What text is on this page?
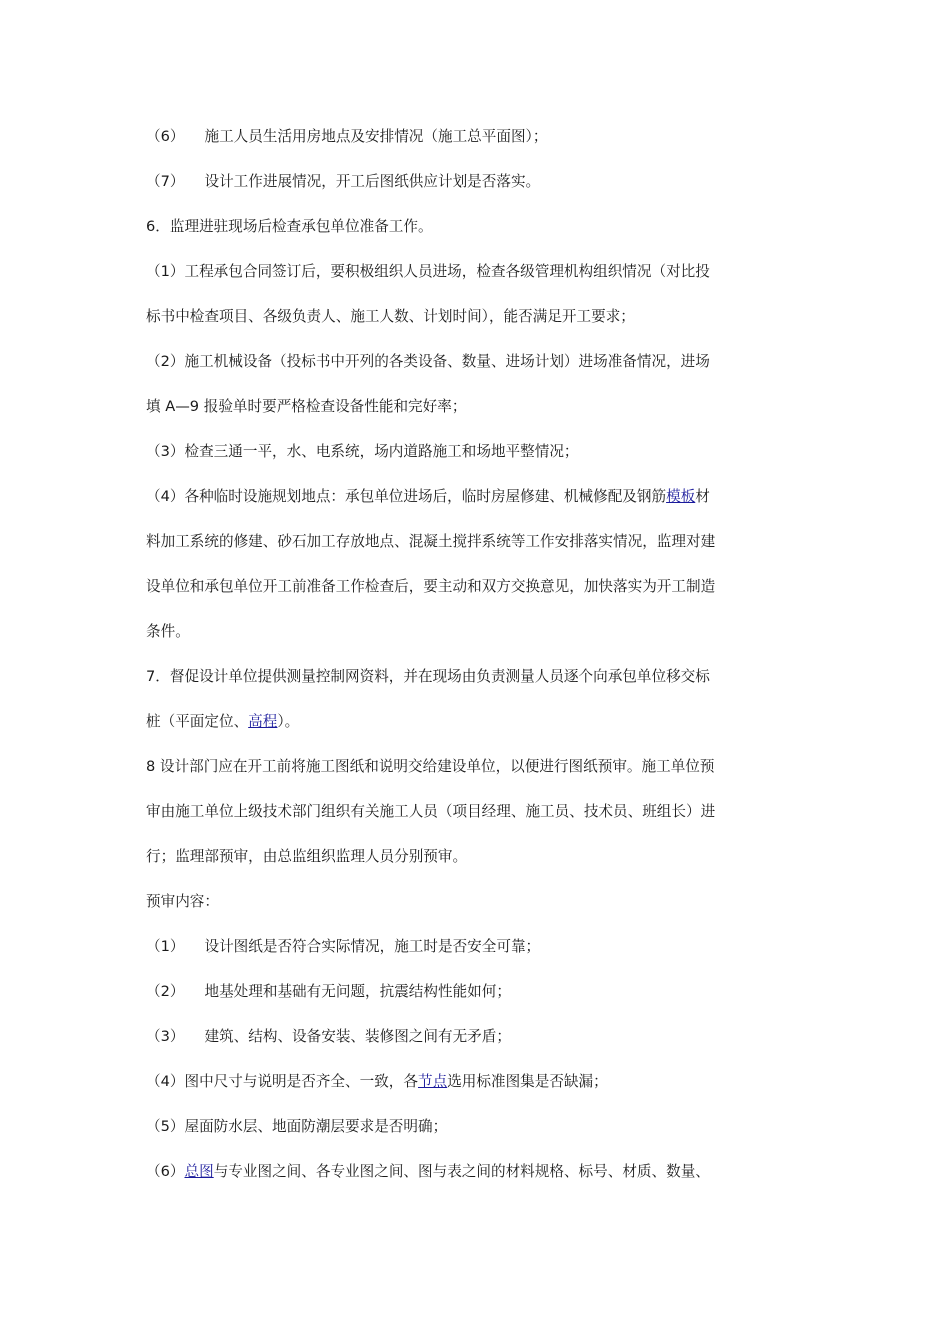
（6） 施工人员生活用房地点及安排情况（施工总平面图）；
（7） 设计工作进展情况，开工后图纸供应计划是否落实。
6．监理进驻现场后检查承包单位准备工作。
（1）工程承包合同签订后，要积极组织人员进场，检查各级管理机构组织情况（对比投
标书中检查项目、各级负责人、施工人数、计划时间），能否满足开工要求；
（2）施工机械设备（投标书中开列的各类设备、数量、进场计划）进场准备情况，进场
填 A—9 报验单时要严格检查设备性能和完好率；
（3）检查三通一平，水、电系统，场内道路施工和场地平整情况；
（4）各种临时设施规划地点：承包单位进场后，临时房屋修建、机械修配及钢筋模板材
料加工系统的修建、砂石加工存放地点、混凝土搅拌系统等工作安排落实情况，监理对建
设单位和承包单位开工前准备工作检查后，要主动和双方交换意见，加快落实为开工制造
条件。
7．督促设计单位提供测量控制网资料，并在现场由负责测量人员逐个向承包单位移交标
桩（平面定位、高程）。
8 设计部门应在开工前将施工图纸和说明交给建设单位，以便进行图纸预审。施工单位预
审由施工单位上级技术部门组织有关施工人员（项目经理、施工员、技术员、班组长）进
行；监理部预审，由总监组织监理人员分别预审。
预审内容：
（1） 设计图纸是否符合实际情况，施工时是否安全可靠；
（2） 地基处理和基础有无问题，抗震结构性能如何；
（3） 建筑、结构、设备安装、装修图之间有无矛盾；
（4）图中尺寸与说明是否齐全、一致，各节点选用标准图集是否缺漏；
（5）屋面防水层、地面防潮层要求是否明确；
（6）总图与专业图之间、各专业图之间、图与表之间的材料规格、标号、材质、数量、
